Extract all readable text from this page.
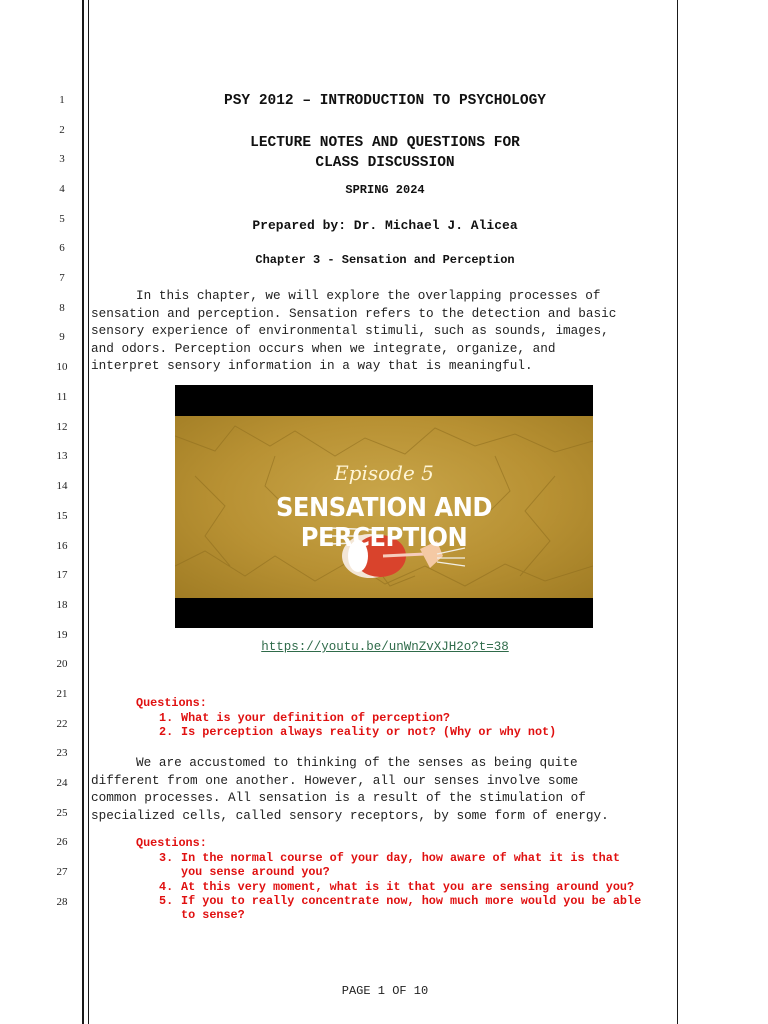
1
2
3
4
5
6
7
8
9
10
11
12
13
14
15
16
17
18
19
20
21
22
23
24
25
26
27
28
PSY 2012 – INTRODUCTION TO PSYCHOLOGY
LECTURE NOTES AND QUESTIONS FOR
CLASS DISCUSSION
SPRING 2024
Prepared by: Dr. Michael J. Alicea
Chapter 3 - Sensation and Perception
In this chapter, we will explore the overlapping processes of
sensation and perception. Sensation refers to the detection and basic
sensory experience of environmental stimuli, such as sounds, images,
and odors. Perception occurs when we integrate, organize, and
interpret sensory information in a way that is meaningful.
Episode 5
SENSATION AND PERCEPTION
https://youtu.be/unWnZvXJH2o?t=38
Questions:
1. What is your definition of perception?
2. Is perception always reality or not? (Why or why not)
We are accustomed to thinking of the senses as being quite
different from one another. However, all our senses involve some
common processes. All sensation is a result of the stimulation of
specialized cells, called sensory receptors, by some form of energy.
Questions:
3. In the normal course of your day, how aware of what it is that
you sense around you?
4. At this very moment, what is it that you are sensing around you?
5. If you to really concentrate now, how much more would you be able
to sense?
PAGE 1 OF 10
